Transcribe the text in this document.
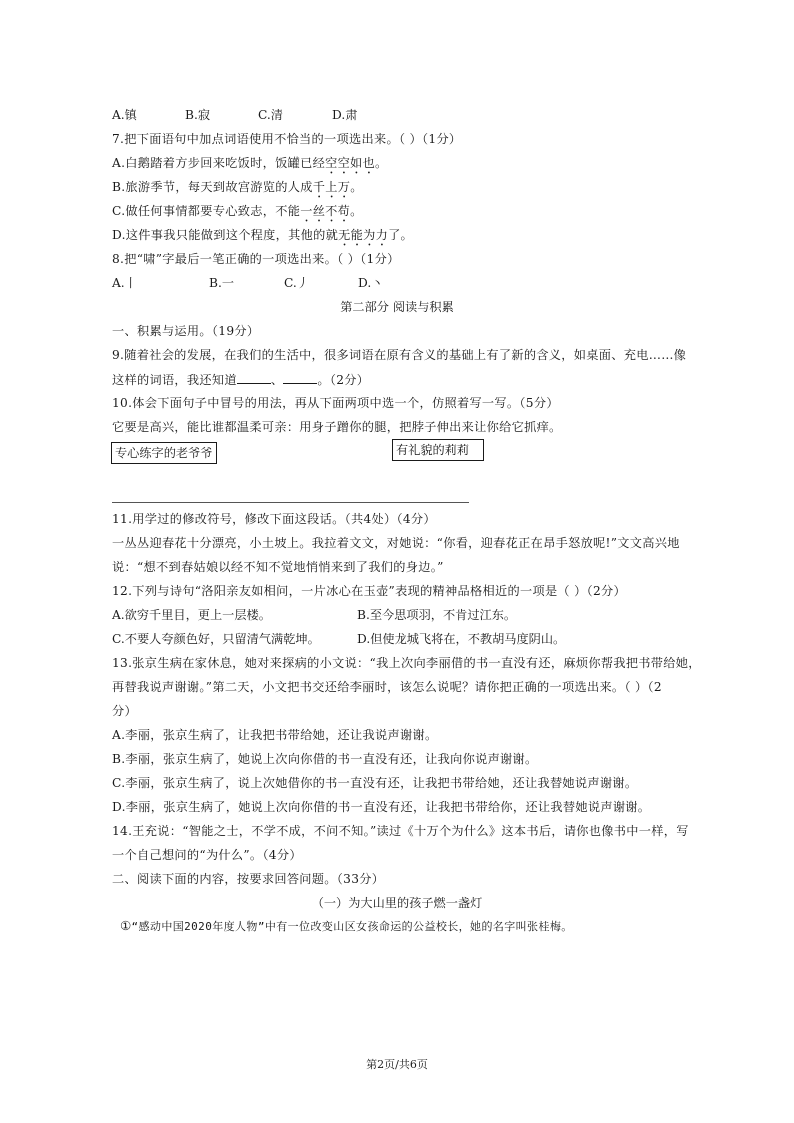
A.镇	B.寂	C.清	D.肃
7.把下面语句中加点词语使用不恰当的一项选出来。（ ）（1分）
A.白鹅踏着方步回来吃饭时，饭罐已经空空如也。
B.旅游季节，每天到故宫游览的人成千上万。
C.做任何事情都要专心致志，不能一丝不苟。
D.这件事我只能做到这个程度，其他的就无能为力了。
8.把“啸”字最后一笔正确的一项选出来。（ ）（1分）
A.丨	B.一	C.丿	D.丶
第二部分 阅读与积累
一、积累与运用。（19分）
9.随着社会的发展，在我们的生活中，很多词语在原有含义的基础上有了新的含义，如桌面、充电……像
这样的词语，我还知道	、	。（2分）
10.体会下面句子中冒号的用法，再从下面两项中选一个，仿照着写一写。（5分）
它要是高兴，能比谁都温柔可亲：用身子蹭你的腿，把脖子伸出来让你给它抓痒。
专心练字的老爷爷	有礼貌的莉莉
11.用学过的修改符号，修改下面这段话。（共4处）（4分）
一丛丛迎春花十分漂亮，小土坡上。我拉着文文，对她说：“你看，迎春花正在昂手怒放呢!”文文高兴地
说：“想不到春姑娘以经不知不觉地悄悄来到了我们的身边。”
12.下列与诗句“洛阳亲友如相问，一片冰心在玉壶”表现的精神品格相近的一项是（ ）（2分）
A.欲穷千里目，更上一层楼。	B.至今思项羽，不肯过江东。
C.不要人夸颜色好，只留清气满乾坤。	D.但使龙城飞将在，不教胡马度阴山。
13.张京生病在家休息，她对来探病的小文说：“我上次向李丽借的书一直没有还，麻烦你帮我把书带给她，
再替我说声谢谢。”第二天，小文把书交还给李丽时，该怎么说呢？请你把正确的一项选出来。（ ）（2
分）
A.李丽，张京生病了，让我把书带给她，还让我说声谢谢。
B.李丽，张京生病了，她说上次向你借的书一直没有还，让我向你说声谢谢。
C.李丽，张京生病了，说上次她借你的书一直没有还，让我把书带给她，还让我替她说声谢谢。
D.李丽，张京生病了，她说上次向你借的书一直没有还，让我把书带给你，还让我替她说声谢谢。
14.王充说：“智能之士，不学不成，不问不知。”读过《十万个为什么》这本书后，请你也像书中一样，写
一个自己想问的“为什么”。（4分）
二、阅读下面的内容，按要求回答问题。（33分）
（一）为大山里的孩子燃一盏灯
①“感动中国2020年度人物”中有一位改变山区女孩命运的公益校长，她的名字叫张桂梅。
第2页/共6页
